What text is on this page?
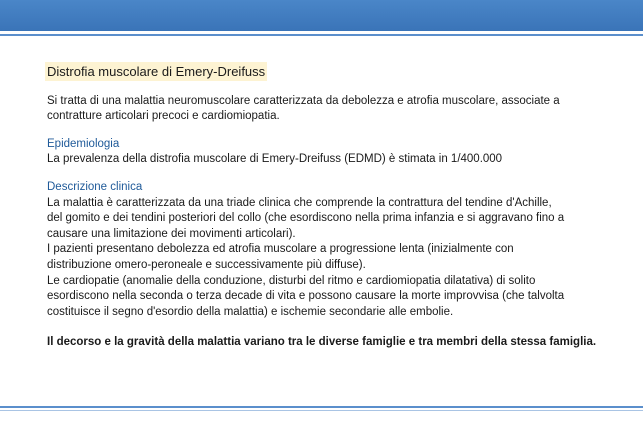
Distrofia muscolare di Emery-Dreifuss

Si tratta di una malattia neuromuscolare caratterizzata da debolezza e atrofia muscolare, associate a

contratture articolari precoci e cardiomiopatia.

Epidemiologia

La prevalenza della distrofia muscolare di Emery-Dreifuss (EDMD) è stimata in 1/400.000

Descrizione clinica

La malattia è caratterizzata da una triade clinica che comprende la contrattura del tendine d'Achille,

del gomito e dei tendini posteriori del collo (che esordiscono nella prima infanzia e si aggravano fino a

causare una limitazione dei movimenti articolari).

I pazienti presentano debolezza ed atrofia muscolare a progressione lenta (inizialmente con

distribuzione omero-peroneale e successivamente più diffuse).

Le cardiopatie (anomalie della conduzione, disturbi del ritmo e cardiomiopatia dilatativa) di solito

esordiscono nella seconda o terza decade di vita e possono causare la morte improvvisa (che talvolta

costituisce il segno d'esordio della malattia) e ischemie secondarie alle embolie.

Il decorso e la gravità della malattia variano tra le diverse famiglie e tra membri della stessa famiglia.
